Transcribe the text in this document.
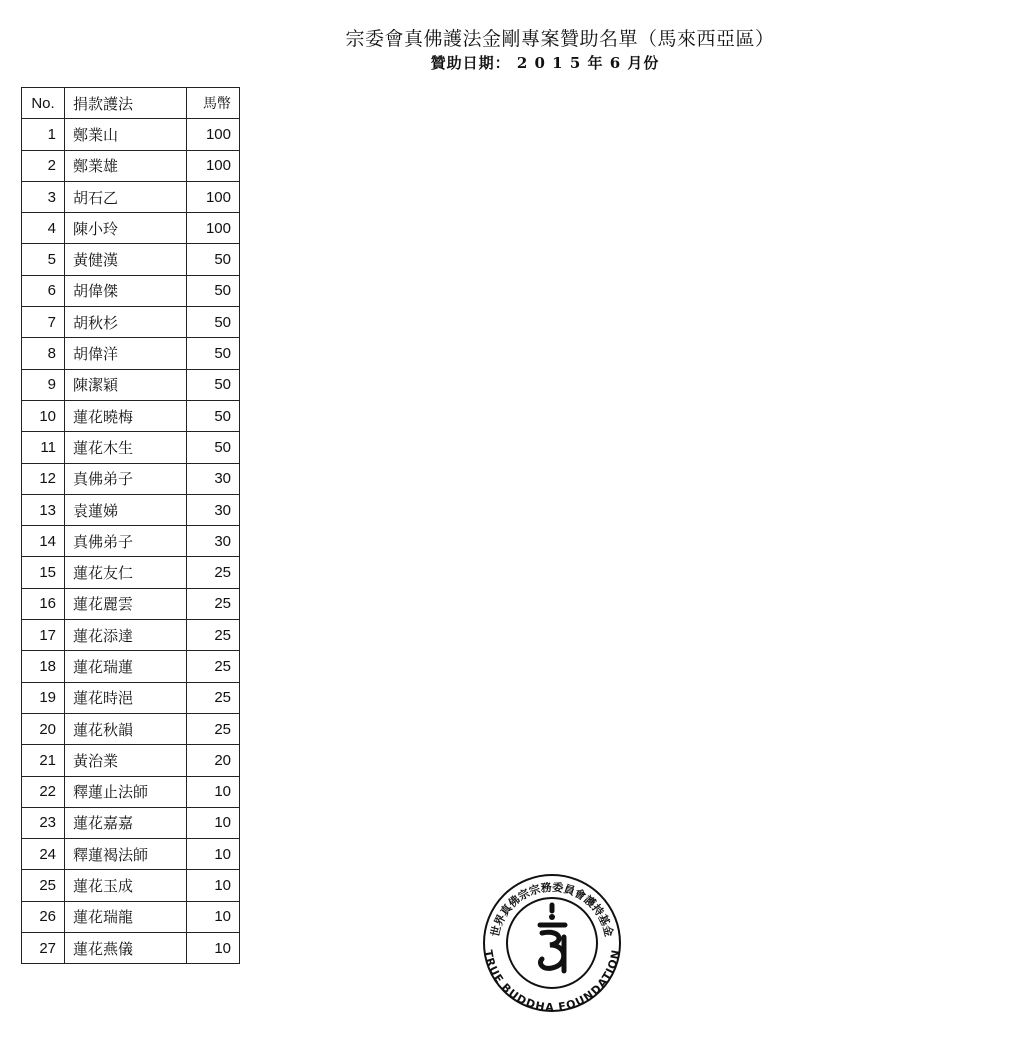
宗委會真佛護法金剛專案贊助名單（馬來西亞區）
贊助日期： 2 0 1 5 年 6 月份
No.	捐款護法	馬幣
1	鄭業山	100
2	鄭業雄	100
3	胡石乙	100
4	陳小玲	100
5	黃健漢	50
6	胡偉傑	50
7	胡秋杉	50
8	胡偉洋	50
9	陳潔穎	50
10	蓮花曉梅	50
11	蓮花木生	50
12	真佛弟子	30
13	袁蓮娣	30
14	真佛弟子	30
15	蓮花友仁	25
16	蓮花麗雲	25
17	蓮花添達	25
18	蓮花瑞蓮	25
19	蓮花時浥	25
20	蓮花秋韻	25
21	黃治業	20
22	釋蓮止法師	10
23	蓮花嘉嘉	10
24	釋蓮褐法師	10
25	蓮花玉成	10
26	蓮花瑞龍	10
27	蓮花燕儀	10
世界真佛宗宗務委員會護持基金
TRUE BUDDHA FOUNDATION
